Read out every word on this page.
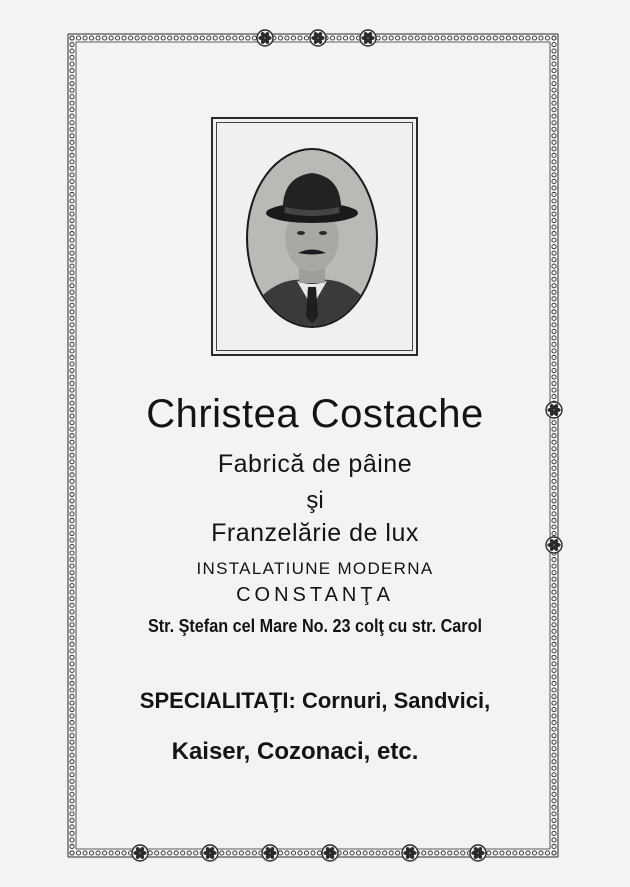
Christea Costache
Fabrică de pâine
şi
Franzelărie de lux
INSTALATIUNE MODERNA
CONSTANŢA
Str. Ştefan cel Mare No. 23 colţ cu str. Carol
SPECIALITAŢI: Cornuri, Sandvici,
Kaiser, Cozonaci, etc.
